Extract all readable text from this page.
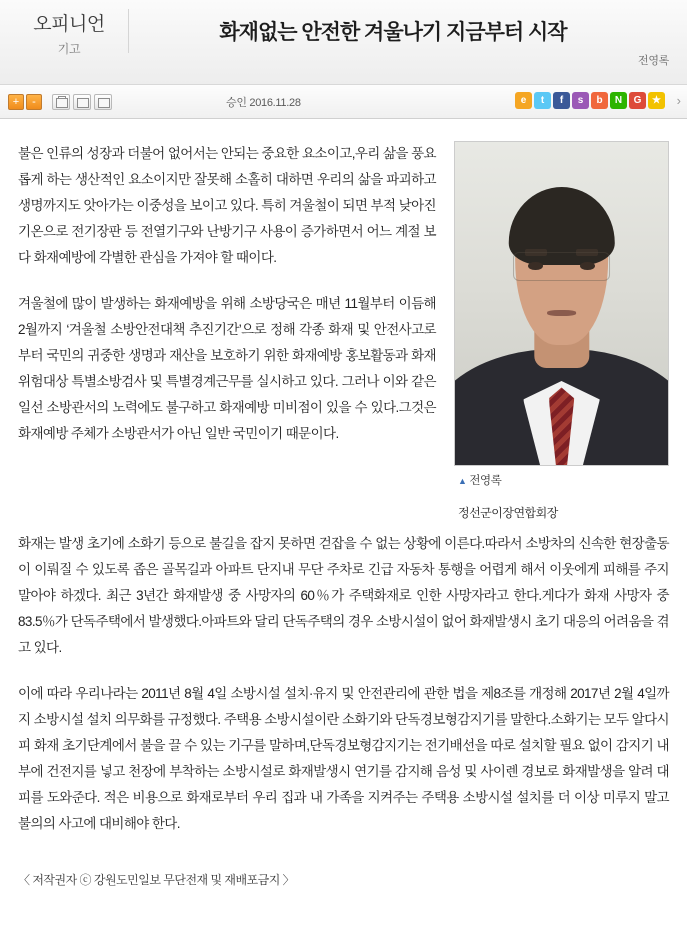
오피니언
기고
화재없는 안전한 겨울나기 지금부터 시작
전영록
+	-	승인 2016.11.28	e	t	f	s	b	N	G	★	›
▲ 전영록
정선군이장연합회장

불은 인류의 성장과 더불어 없어서는 안되는 중요한 요소이고,우리 삶을 풍요롭게 하는 생산적인 요소이지만 잘못해 소홀히 대하면 우리의 삶을 파괴하고 생명까지도 앗아가는 이중성을 보이고 있다. 특히 겨울철이 되면 부적 낮아진 기온으로 전기장판 등 전열기구와 난방기구 사용이 증가하면서 어느 계절 보다 화재예방에 각별한 관심을 가져야 할 때이다.

겨울철에 많이 발생하는 화재예방을 위해 소방당국은 매년 11월부터 이듬해 2월까지 ‘겨울철 소방안전대책 추진기간’으로 정해 각종 화재 및 안전사고로부터 국민의 귀중한 생명과 재산을 보호하기 위한 화재예방 홍보활동과 화재 위험대상 특별소방검사 및 특별경계근무를 실시하고 있다. 그러나 이와 같은 일선 소방관서의 노력에도 불구하고 화재예방 미비점이 있을 수 있다.그것은 화재예방 주체가 소방관서가 아닌 일반 국민이기 때문이다.

화재는 발생 초기에 소화기 등으로 불길을 잡지 못하면 걷잡을 수 없는 상황에 이른다.따라서 소방차의 신속한 현장출동이 이뤄질 수 있도록 좁은 골목길과 아파트 단지내 무단 주차로 긴급 자동차 통행을 어렵게 해서 이웃에게 피해를 주지 말아야 하겠다. 최근 3년간 화재발생 중 사망자의 60％가 주택화재로 인한 사망자라고 한다.게다가 화재 사망자 중 83.5％가 단독주택에서 발생했다.아파트와 달리 단독주택의 경우 소방시설이 없어 화재발생시 초기 대응의 어려움을 겪고 있다.

이에 따라 우리나라는 2011년 8월 4일 소방시설 설치·유지 및 안전관리에 관한 법을 제8조를 개정해 2017년 2월 4일까지 소방시설 설치 의무화를 규정했다. 주택용 소방시설이란 소화기와 단독경보형감지기를 말한다.소화기는 모두 알다시피 화재 초기단계에서 불을 끌 수 있는 기구를 말하며,단독경보형감지기는 전기배선을 따로 설치할 필요 없이 감지기 내부에 건전지를 넣고 천장에 부착하는 소방시설로 화재발생시 연기를 감지해 음성 및 사이렌 경보로 화재발생을 알려 대피를 도와준다. 적은 비용으로 화재로부터 우리 집과 내 가족을 지켜주는 주택용 소방시설 설치를 더 이상 미루지 말고 불의의 사고에 대비해야 한다.

〈 저작권자 ⓒ 강원도민일보 무단전재 및 재배포금지 〉
